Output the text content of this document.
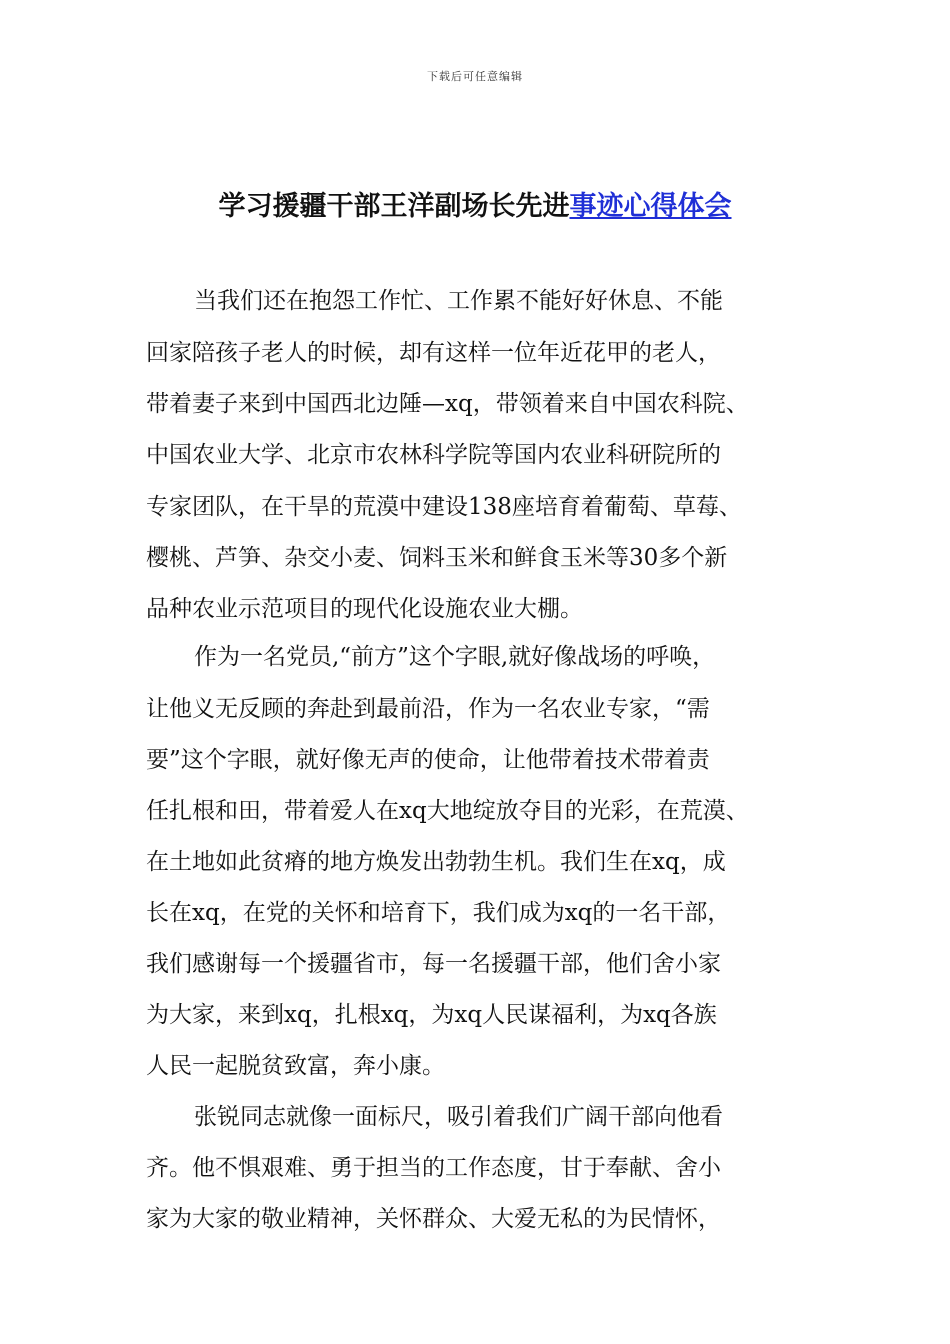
下载后可任意编辑
学习援疆干部王洋副场长先进事迹心得体会
当我们还在抱怨工作忙、工作累不能好好休息、不能
回家陪孩子老人的时候，却有这样一位年近花甲的老人，
带着妻子来到中国西北边陲—xq，带领着来自中国农科院、
中国农业大学、北京市农林科学院等国内农业科研院所的
专家团队，在干旱的荒漠中建设138座培育着葡萄、草莓、
樱桃、芦笋、杂交小麦、饲料玉米和鲜食玉米等30多个新
品种农业示范项目的现代化设施农业大棚。
作为一名党员,“前方”这个字眼,就好像战场的呼唤，
让他义无反顾的奔赴到最前沿，作为一名农业专家，“需
要”这个字眼，就好像无声的使命，让他带着技术带着责
任扎根和田，带着爱人在xq大地绽放夺目的光彩，在荒漠、
在土地如此贫瘠的地方焕发出勃勃生机。我们生在xq，成
长在xq，在党的关怀和培育下，我们成为xq的一名干部，
我们感谢每一个援疆省市，每一名援疆干部，他们舍小家
为大家，来到xq，扎根xq，为xq人民谋福利，为xq各族
人民一起脱贫致富，奔小康。
张锐同志就像一面标尺，吸引着我们广阔干部向他看
齐。他不惧艰难、勇于担当的工作态度，甘于奉献、舍小
家为大家的敬业精神，关怀群众、大爱无私的为民情怀，
